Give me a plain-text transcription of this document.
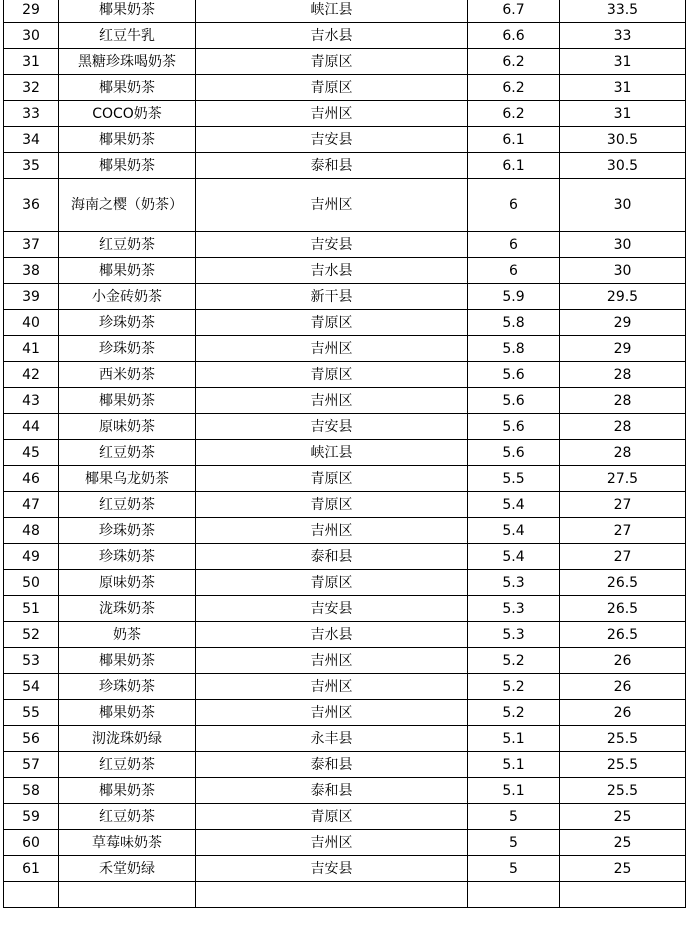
29	椰果奶茶	峡江县	6.7	33.5
30	红豆牛乳	吉水县	6.6	33
31	黑糖珍珠喝奶茶	青原区	6.2	31
32	椰果奶茶	青原区	6.2	31
33	COCO奶茶	吉州区	6.2	31
34	椰果奶茶	吉安县	6.1	30.5
35	椰果奶茶	泰和县	6.1	30.5
36	海南之樱（奶茶）	吉州区	6	30
37	红豆奶茶	吉安县	6	30
38	椰果奶茶	吉水县	6	30
39	小金砖奶茶	新干县	5.9	29.5
40	珍珠奶茶	青原区	5.8	29
41	珍珠奶茶	吉州区	5.8	29
42	西米奶茶	青原区	5.6	28
43	椰果奶茶	吉州区	5.6	28
44	原味奶茶	吉安县	5.6	28
45	红豆奶茶	峡江县	5.6	28
46	椰果乌龙奶茶	青原区	5.5	27.5
47	红豆奶茶	青原区	5.4	27
48	珍珠奶茶	吉州区	5.4	27
49	珍珠奶茶	泰和县	5.4	27
50	原味奶茶	青原区	5.3	26.5
51	泷珠奶茶	吉安县	5.3	26.5
52	奶茶	吉水县	5.3	26.5
53	椰果奶茶	吉州区	5.2	26
54	珍珠奶茶	吉州区	5.2	26
55	椰果奶茶	吉州区	5.2	26
56	沏泷珠奶绿	永丰县	5.1	25.5
57	红豆奶茶	泰和县	5.1	25.5
58	椰果奶茶	泰和县	5.1	25.5
59	红豆奶茶	青原区	5	25
60	草莓味奶茶	吉州区	5	25
61	禾堂奶绿	吉安县	5	25
